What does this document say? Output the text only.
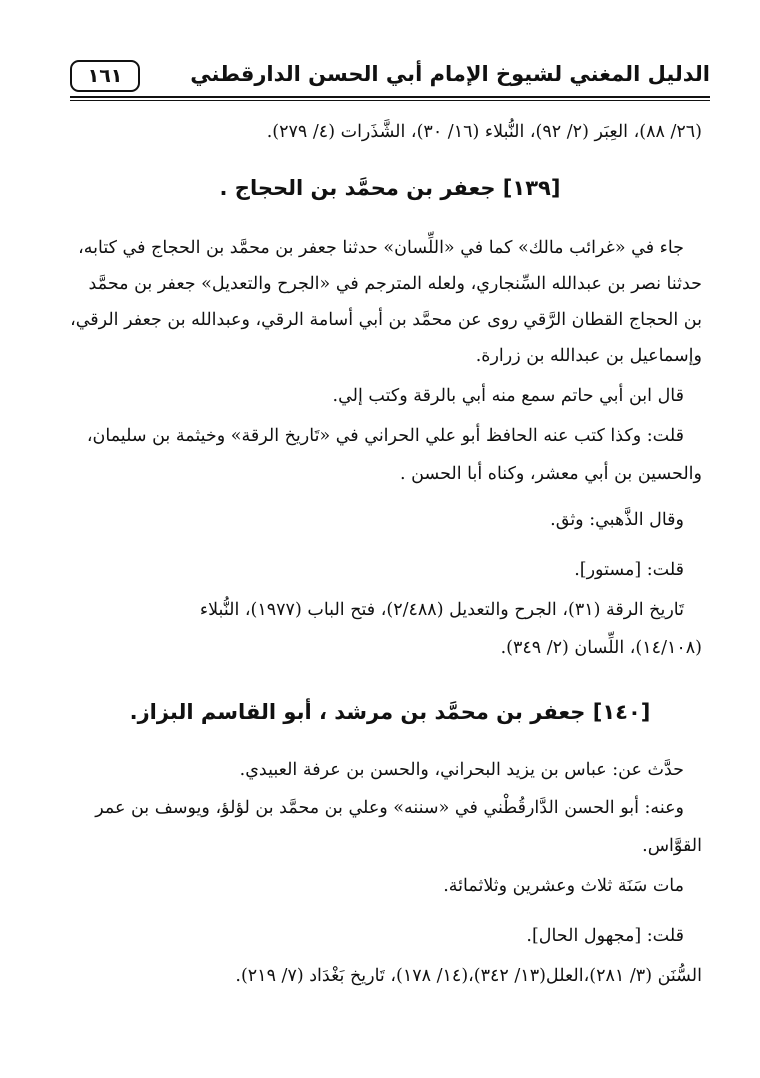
الدليل المغني لشيوخ الإمام أبي الحسن الدارقطني
١٦١
(٢٦/ ٨٨)، العِبَر (٢/ ٩٢)، النُّبلاء (١٦/ ٣٠)، الشَّذَرات (٤/ ٢٧٩).
[١٣٩] جعفر بن محمَّد بن الحجاج .
جاء في «غرائب مالك» كما في «اللِّسان» حدثنا جعفر بن محمَّد بن الحجاج في كتابه،
حدثنا نصر بن عبدالله السِّنجاري، ولعله المترجم في «الجرح والتعديل» جعفر بن محمَّد
بن الحجاج القطان الرَّقي روى عن محمَّد بن أبي أسامة الرقي، وعبدالله بن جعفر الرقي،
وإسماعيل بن عبدالله بن زرارة.
قال ابن أبي حاتم سمع منه أبي بالرقة وكتب إلي.
قلت: وكذا كتب عنه الحافظ أبو علي الحراني في «تَاريخ الرقة» وخيثمة بن سليمان،
والحسين بن أبي معشر، وكناه أبا الحسن .
وقال الذَّهبي: وثق.
قلت: [مستور].
تَاريخ الرقة (٣١)، الجرح والتعديل (٢/٤٨٨)، فتح الباب (١٩٧٧)، النُّبلاء
(١٤/١٠٨)، اللِّسان (٢/ ٣٤٩).
[١٤٠] جعفر بن محمَّد بن مرشد ، أبو القاسم البزاز.
حدَّث عن: عباس بن يزيد البحراني، والحسن بن عرفة العبيدي.
وعنه: أبو الحسن الدَّارقُطْني في «سننه» وعلي بن محمَّد بن لؤلؤ، ويوسف بن عمر
القوَّاس.
مات سَنَة ثلاث وعشرين وثلاثمائة.
قلت: [مجهول الحال].
السُّنَن (٣/ ٢٨١)،العلل(١٣/ ٣٤٢)،(١٤/ ١٧٨)، تَاريخ بَغْدَاد (٧/ ٢١٩).
